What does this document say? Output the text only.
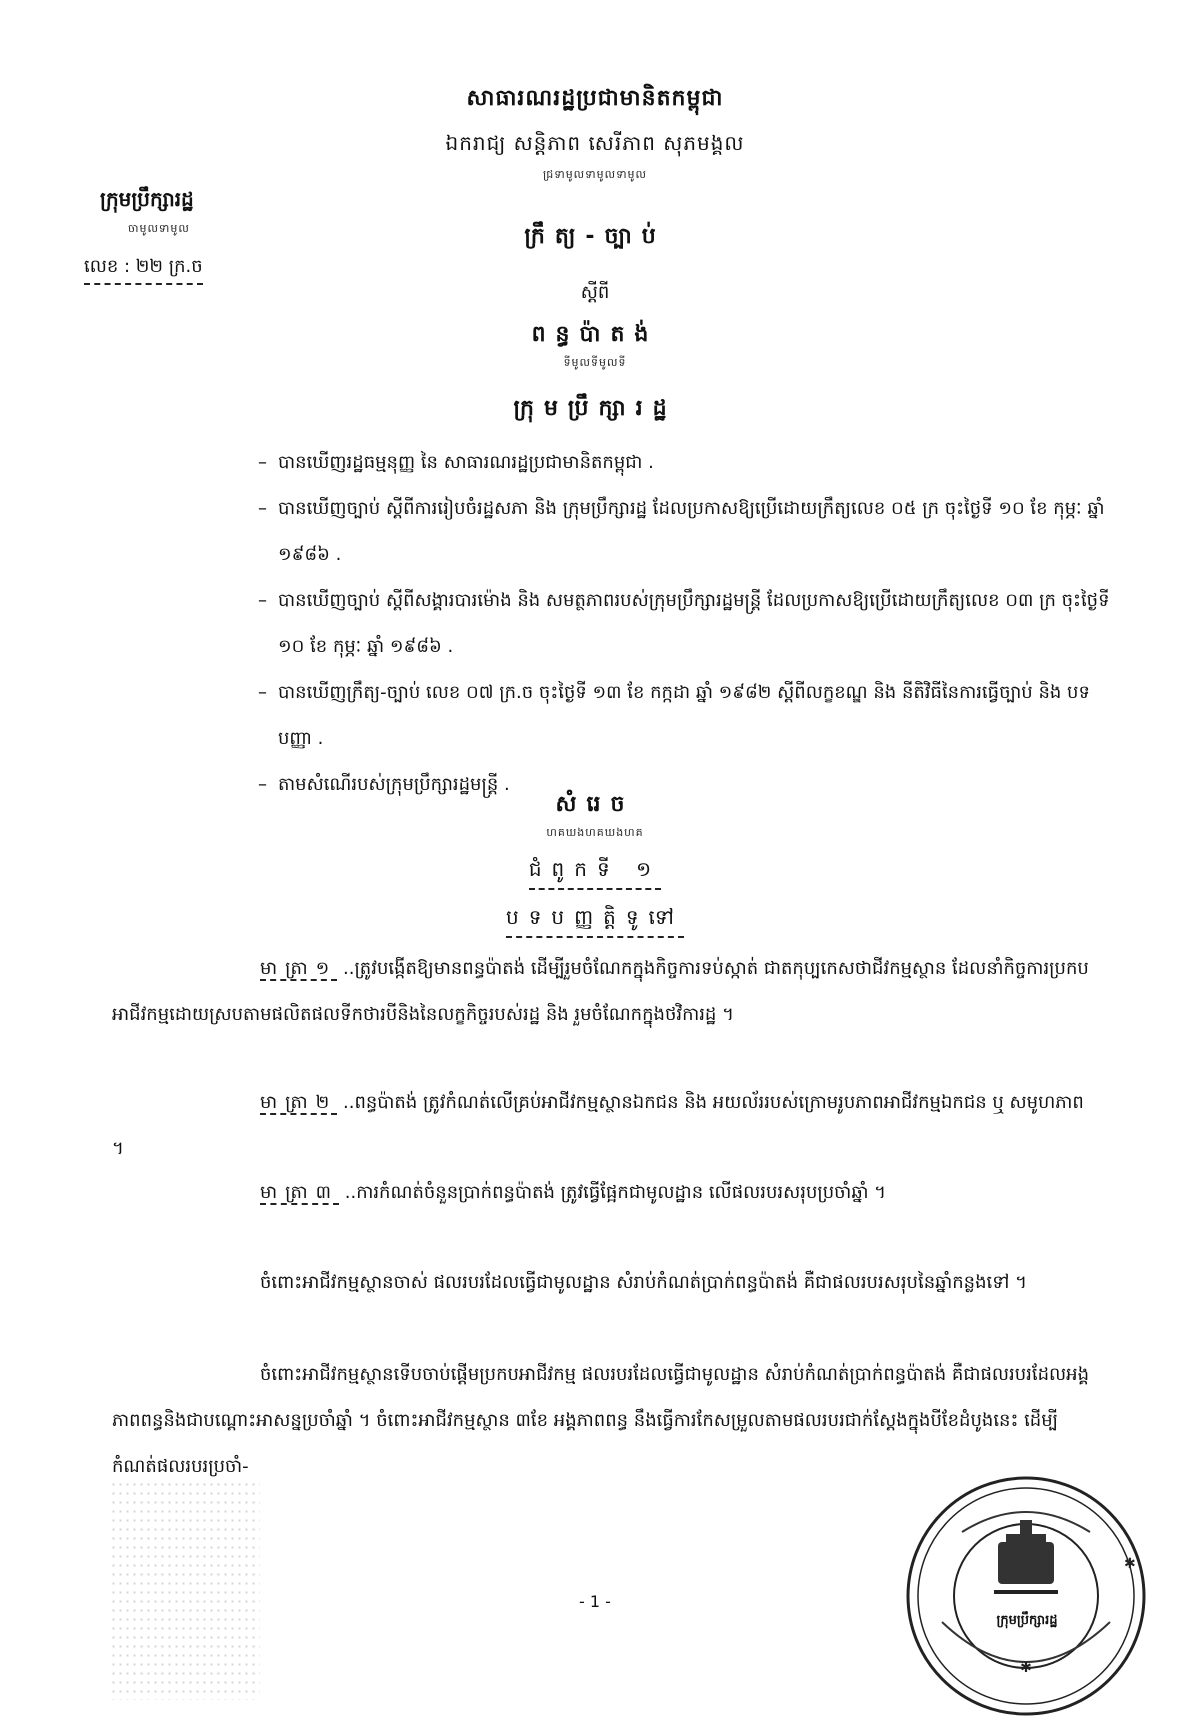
សាធារណរដ្ឋប្រជាមានិតកម្ពុជា
ឯករាជ្យ សន្តិភាព សេរីភាព សុភមង្គល
ជ្រទាមូលទាមូលទាមូល
ក្រុមប្រឹក្សារដ្ឋ
ចាមូលទាមូល
លេខ : ២២ ក្រ.ច
ក្រឹត្យ-ច្បាប់
ស្តីពី
ពន្ធប៉ាតង់
ទីមូលទីមូលទី
ក្រុមប្រឹក្សារដ្ឋ
– បានឃើញរដ្ឋធម្មនុញ្ញ នៃ សាធារណរដ្ឋប្រជាមានិតកម្ពុជា .
– បានឃើញច្បាប់ ស្តីពីការរៀបចំរដ្ឋសភា និង ក្រុមប្រឹក្សារដ្ឋ ដែលប្រកាសឱ្យប្រើដោយក្រឹត្យលេខ ០៥ ក្រ ចុះថ្ងៃទី ១០ ខែ កុម្ភៈ ឆ្នាំ ១៩៨៦ .
– បានឃើញច្បាប់ ស្តីពីសង្គារបារម៉ោង និង សមត្ថភាពរបស់ក្រុមប្រឹក្សារដ្ឋមន្ត្រី ដែលប្រកាសឱ្យប្រើដោយក្រឹត្យលេខ ០៣ ក្រ ចុះថ្ងៃទី ១០ ខែ កុម្ភៈ ឆ្នាំ ១៩៨៦ .
– បានឃើញក្រឹត្យ-ច្បាប់ លេខ ០៧ ក្រ.ច ចុះថ្ងៃទី ១៣ ខែ កក្កដា ឆ្នាំ ១៩៨២ ស្តីពីលក្ខខណ្ឌ និង នីតិវិធីនៃការធ្វើច្បាប់ និង បទបញ្ញា .
– តាមសំណើរបស់ក្រុមប្រឹក្សារដ្ឋមន្ត្រី .
សំរេច
ហគឃងហគឃងហគ
ជំពូកទី ១
បទបញ្ញត្តិទូទៅ
មាត្រា១ ..ត្រូវបង្កើតឱ្យមានពន្ធប៉ាតង់ ដើម្បីរួមចំណែកក្នុងកិច្ចការទប់ស្កាត់ ជាតកុប្បកេសថាជីវកម្មស្ថាន ដែលនាំកិច្ចការប្រកបអាជីវកម្មដោយស្របតាមផលិតផលទីកថារបីនិងនៃលក្ខកិច្ចរបស់រដ្ឋ និង រួមចំណែកក្នុងថវិការដ្ឋ ។
មាត្រា២ ..ពន្ធប៉ាតង់ ត្រូវកំណត់លើគ្រប់អាជីវកម្មស្ថានឯកជន និង អយល័ររបស់ក្រោមរូបភាពអាជីវកម្មឯកជន ឬ សមូហភាព ។
មាត្រា៣ ..ការកំណត់ចំនួនប្រាក់ពន្ធប៉ាតង់ ត្រូវធ្វើផ្អែកជាមូលដ្ឋាន លើផលរបរសរុបប្រចាំឆ្នាំ ។
ចំពោះអាជីវកម្មស្ថានចាស់ ផលរបរដែលធ្វើជាមូលដ្ឋាន សំរាប់កំណត់ប្រាក់ពន្ធប៉ាតង់ គឺជាផលរបរសរុបនៃឆ្នាំកន្លងទៅ ។
ចំពោះអាជីវកម្មស្ថានទើបចាប់ផ្តើមប្រកបអាជីវកម្ម ផលរបរដែលធ្វើជាមូលដ្ឋាន សំរាប់កំណត់ប្រាក់ពន្ធប៉ាតង់ គឺជាផលរបរដែលអង្គភាពពន្ធនិងជាបណ្តោះអាសន្នប្រចាំឆ្នាំ ។ ចំពោះអាជីវកម្មស្ថាន ៣ខែ អង្គភាពពន្ធ នឹងធ្វើការកែសម្រួលតាមផលរបរជាក់ស្តែងក្នុងបីខែដំបូងនេះ ដើម្បីកំណត់ផលរបរប្រចាំ-
✱
✱
ក្រុមប្រឹក្សារដ្ឋ
- 1 -
